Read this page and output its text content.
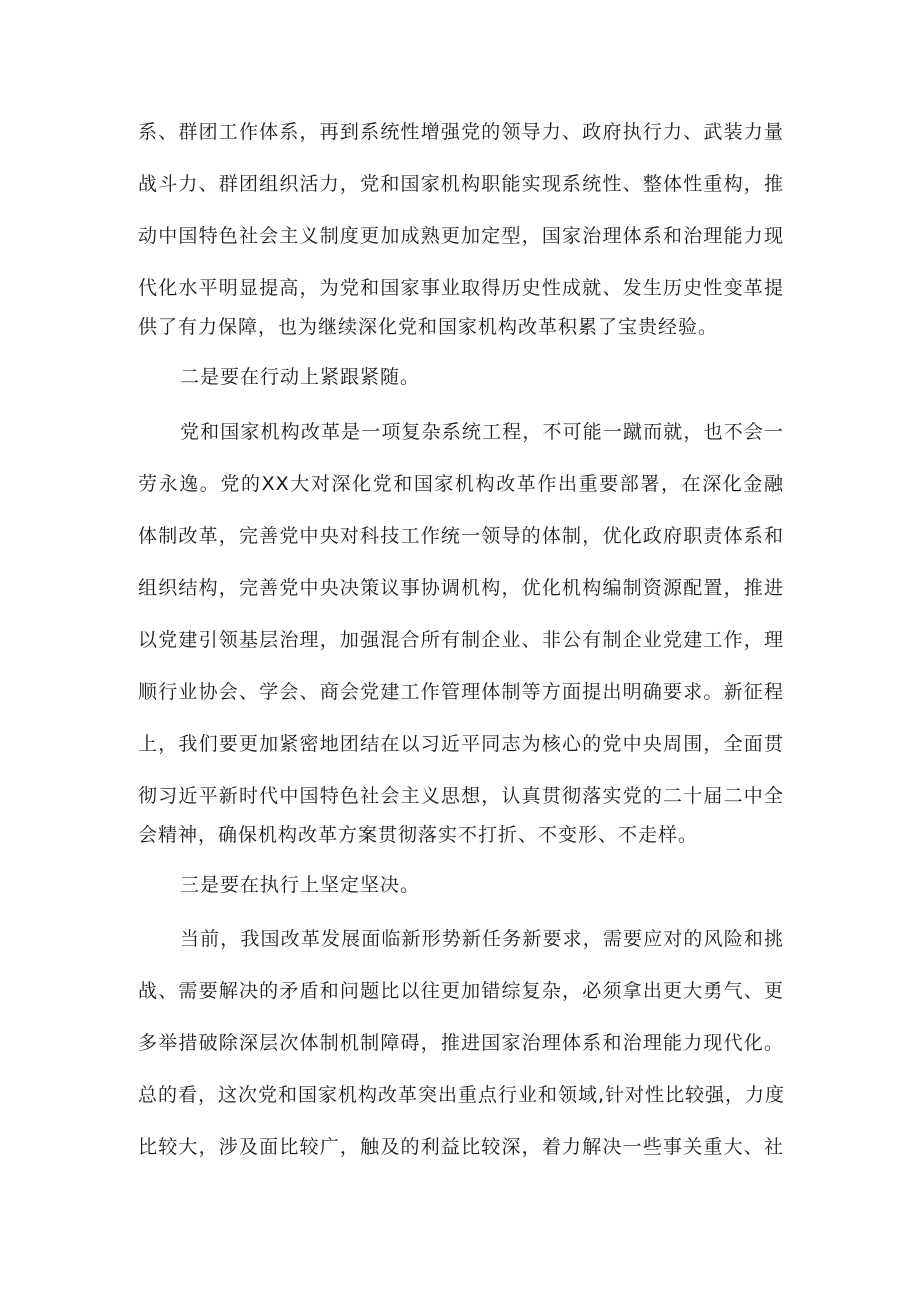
系、群团工作体系，再到系统性增强党的领导力、政府执行力、武装力量
战斗力、群团组织活力，党和国家机构职能实现系统性、整体性重构，推
动中国特色社会主义制度更加成熟更加定型，国家治理体系和治理能力现
代化水平明显提高，为党和国家事业取得历史性成就、发生历史性变革提
供了有力保障，也为继续深化党和国家机构改革积累了宝贵经验。
二是要在行动上紧跟紧随。
党和国家机构改革是一项复杂系统工程，不可能一蹴而就，也不会一
劳永逸。党的XX大对深化党和国家机构改革作出重要部署，在深化金融
体制改革，完善党中央对科技工作统一领导的体制，优化政府职责体系和
组织结构，完善党中央决策议事协调机构，优化机构编制资源配置，推进
以党建引领基层治理，加强混合所有制企业、非公有制企业党建工作，理
顺行业协会、学会、商会党建工作管理体制等方面提出明确要求。新征程
上，我们要更加紧密地团结在以习近平同志为核心的党中央周围，全面贯
彻习近平新时代中国特色社会主义思想，认真贯彻落实党的二十届二中全
会精神，确保机构改革方案贯彻落实不打折、不变形、不走样。
三是要在执行上坚定坚决。
当前，我国改革发展面临新形势新任务新要求，需要应对的风险和挑
战、需要解决的矛盾和问题比以往更加错综复杂，必须拿出更大勇气、更
多举措破除深层次体制机制障碍，推进国家治理体系和治理能力现代化。
总的看，这次党和国家机构改革突出重点行业和领域,针对性比较强，力度
比较大，涉及面比较广，触及的利益比较深，着力解决一些事关重大、社
